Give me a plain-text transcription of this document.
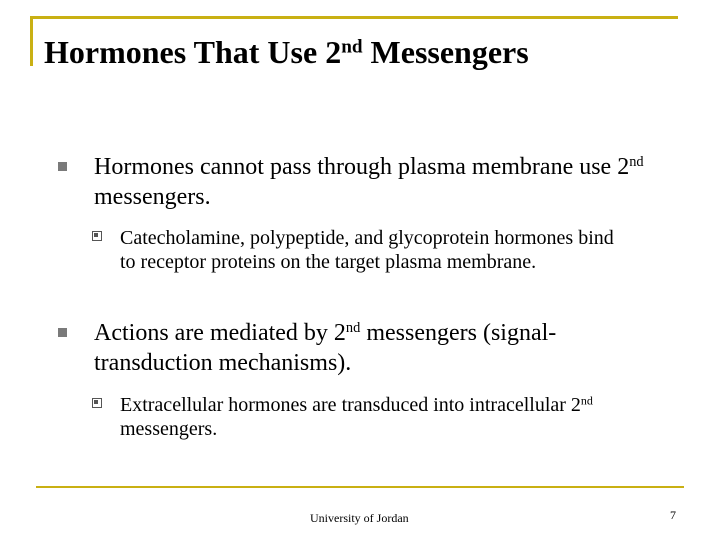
Hormones That Use 2nd Messengers
Hormones cannot pass through plasma membrane use 2nd messengers.
Catecholamine, polypeptide, and glycoprotein hormones bind to receptor proteins on the target plasma membrane.
Actions are mediated by 2nd messengers (signal-transduction mechanisms).
Extracellular hormones are transduced into intracellular 2nd messengers.
University of Jordan	7
